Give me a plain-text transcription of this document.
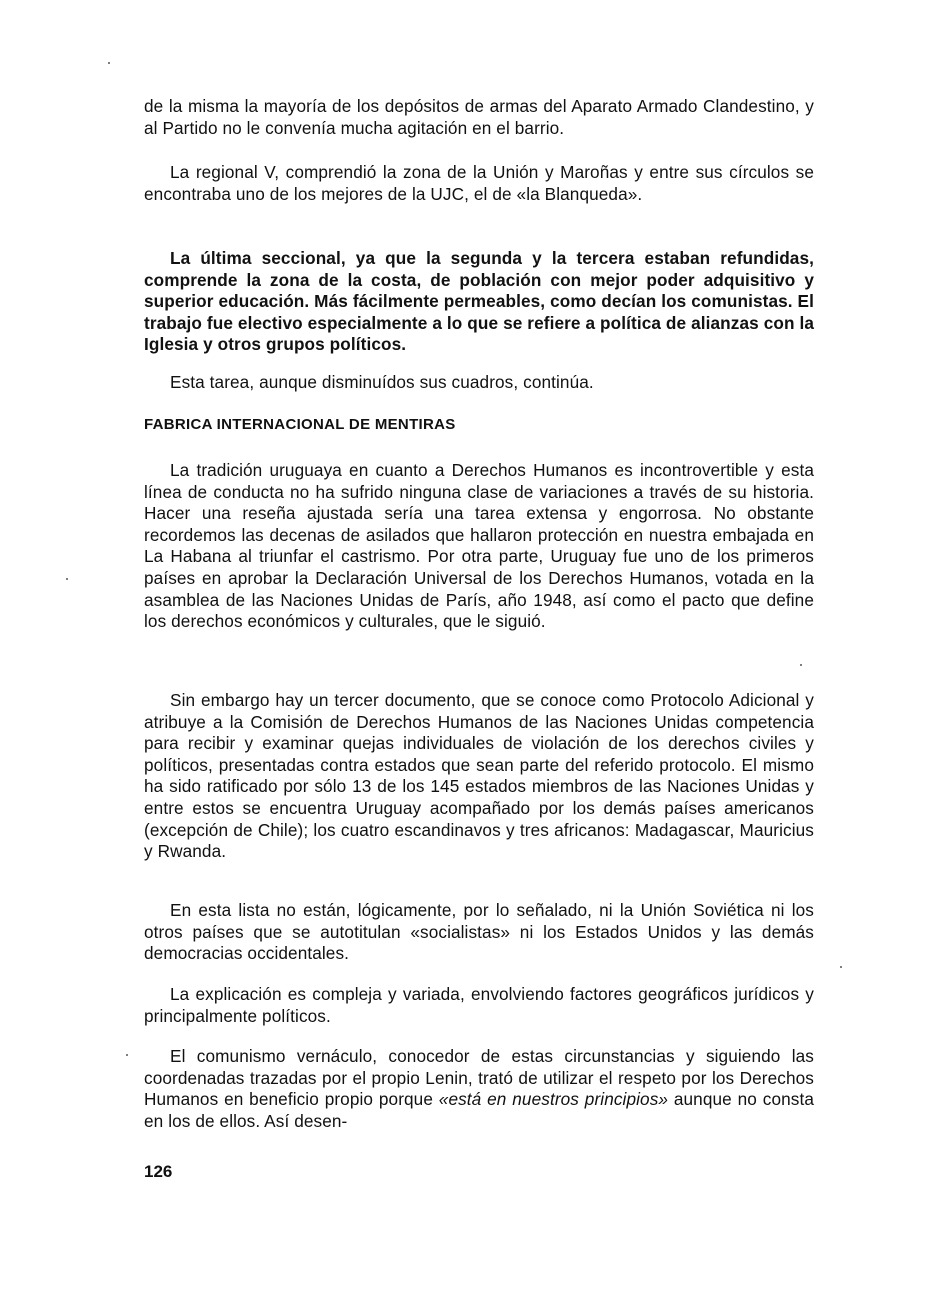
de la misma la mayoría de los depósitos de armas del Aparato Armado Clandestino, y al Partido no le convenía mucha agitación en el barrio.

La regional V, comprendió la zona de la Unión y Maroñas y entre sus círculos se encontraba uno de los mejores de la UJC, el de «la Blanqueda».

La última seccional, ya que la segunda y la tercera estaban refundidas, comprende la zona de la costa, de población con mejor poder adquisitivo y superior educación. Más fácilmente permeables, como decían los comunistas. El trabajo fue electivo especialmente a lo que se refiere a política de alianzas con la Iglesia y otros grupos políticos.

Esta tarea, aunque disminuídos sus cuadros, continúa.

FABRICA INTERNACIONAL DE MENTIRAS

La tradición uruguaya en cuanto a Derechos Humanos es incontrovertible y esta línea de conducta no ha sufrido ninguna clase de variaciones a través de su historia. Hacer una reseña ajustada sería una tarea extensa y engorrosa. No obstante recordemos las decenas de asilados que hallaron protección en nuestra embajada en La Habana al triunfar el castrismo. Por otra parte, Uruguay fue uno de los primeros países en aprobar la Declaración Universal de los Derechos Humanos, votada en la asamblea de las Naciones Unidas de París, año 1948, así como el pacto que define los derechos económicos y culturales, que le siguió.

Sin embargo hay un tercer documento, que se conoce como Protocolo Adicional y atribuye a la Comisión de Derechos Humanos de las Naciones Unidas competencia para recibir y examinar quejas individuales de violación de los derechos civiles y políticos, presentadas contra estados que sean parte del referido protocolo. El mismo ha sido ratificado por sólo 13 de los 145 estados miembros de las Naciones Unidas y entre estos se encuentra Uruguay acompañado por los demás países americanos (excepción de Chile); los cuatro escandinavos y tres africanos: Madagascar, Mauricius y Rwanda.

En esta lista no están, lógicamente, por lo señalado, ni la Unión Soviética ni los otros países que se autotitulan «socialistas» ni los Estados Unidos y las demás democracias occidentales.

La explicación es compleja y variada, envolviendo factores geográficos jurídicos y principalmente políticos.

El comunismo vernáculo, conocedor de estas circunstancias y siguiendo las coordenadas trazadas por el propio Lenin, trató de utilizar el respeto por los Derechos Humanos en beneficio propio porque «está en nuestros principios» aunque no consta en los de ellos. Así desen-

126
